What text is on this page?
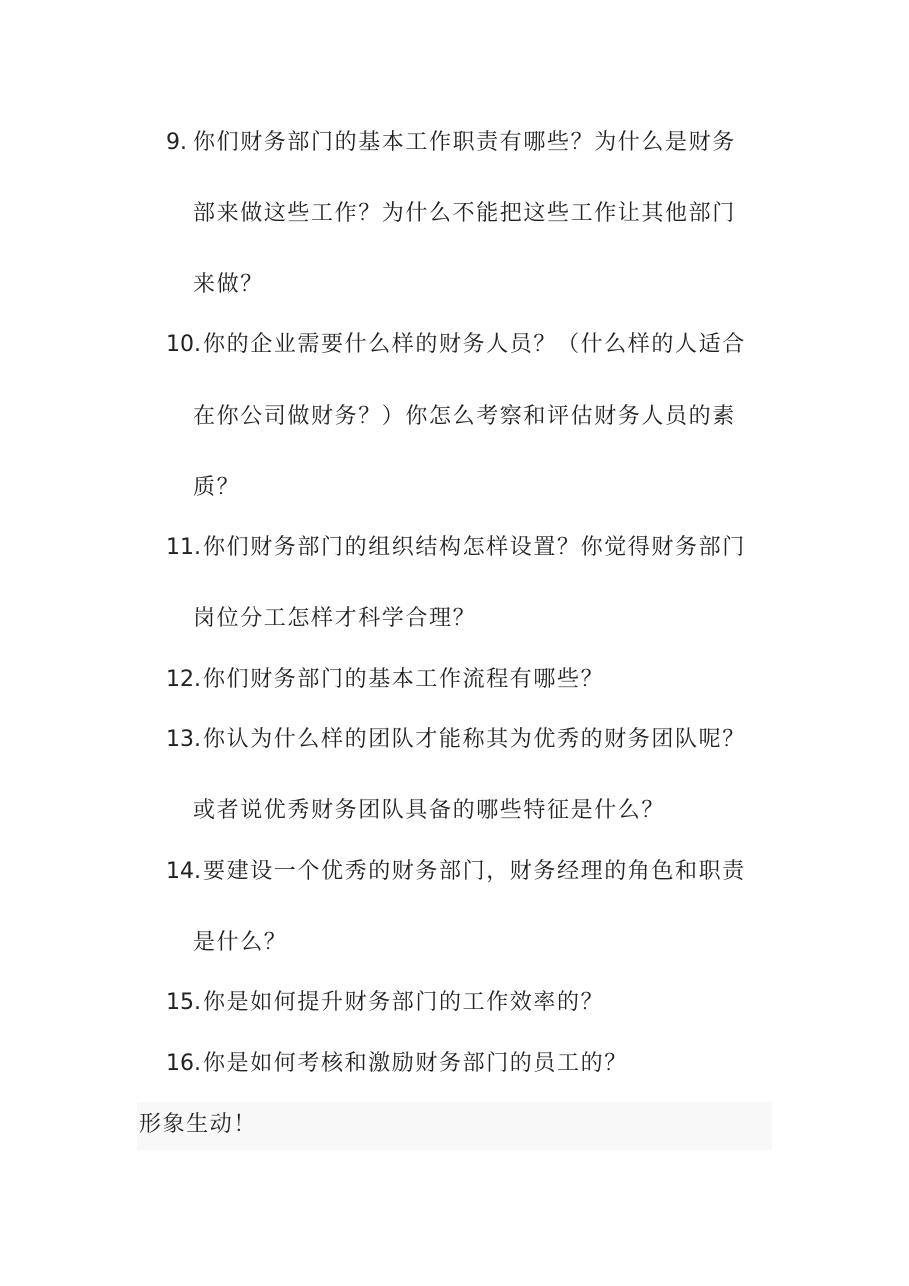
9. 你们财务部门的基本工作职责有哪些？为什么是财务
部来做这些工作？为什么不能把这些工作让其他部门
来做？
10. 你的企业需要什么样的财务人员？（什么样的人适合
在你公司做财务？）你怎么考察和评估财务人员的素
质？
11. 你们财务部门的组织结构怎样设置？你觉得财务部门
岗位分工怎样才科学合理？
12. 你们财务部门的基本工作流程有哪些？
13. 你认为什么样的团队才能称其为优秀的财务团队呢？
或者说优秀财务团队具备的哪些特征是什么？
14. 要建设一个优秀的财务部门，财务经理的角色和职责
是什么？
15. 你是如何提升财务部门的工作效率的？
16. 你是如何考核和激励财务部门的员工的？
形象生动！
